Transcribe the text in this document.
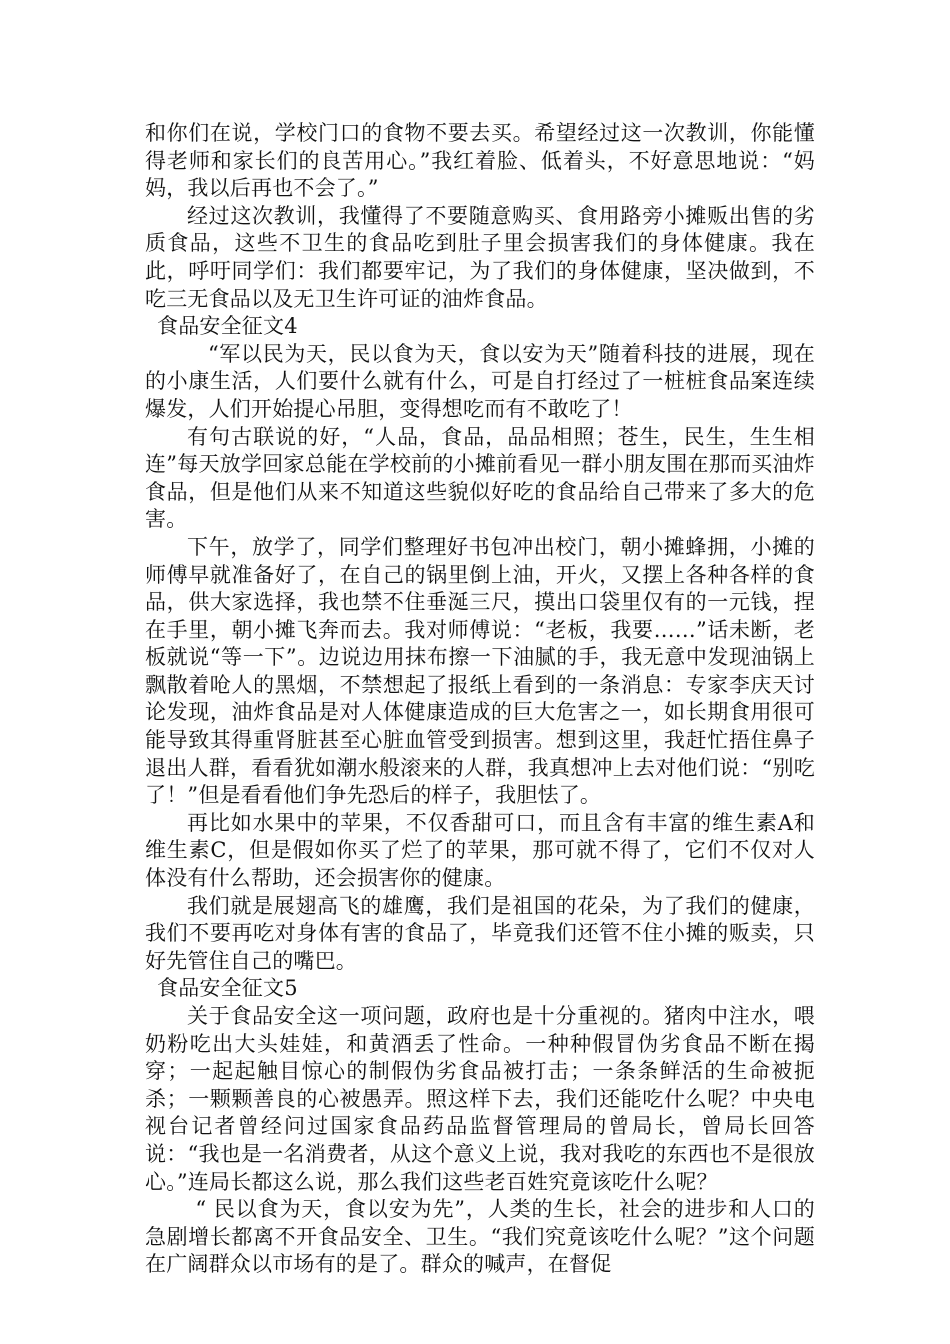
和你们在说，学校门口的食物不要去买。希望经过这一次教训，你能懂得老师和家长们的良苦用心。”我红着脸、低着头，不好意思地说：“妈妈，我以后再也不会了。”

经过这次教训，我懂得了不要随意购买、食用路旁小摊贩出售的劣质食品，这些不卫生的食品吃到肚子里会损害我们的身体健康。我在此，呼吁同学们：我们都要牢记，为了我们的身体健康，坚决做到，不吃三无食品以及无卫生许可证的油炸食品。

食品安全征文4

“军以民为天，民以食为天，食以安为天”随着科技的进展，现在的小康生活，人们要什么就有什么，可是自打经过了一桩桩食品案连续爆发，人们开始提心吊胆，变得想吃而有不敢吃了！

有句古联说的好，“人品，食品，品品相照；苍生，民生，生生相连”每天放学回家总能在学校前的小摊前看见一群小朋友围在那而买油炸食品，但是他们从来不知道这些貌似好吃的食品给自己带来了多大的危害。

下午，放学了，同学们整理好书包冲出校门，朝小摊蜂拥，小摊的师傅早就准备好了，在自己的锅里倒上油，开火，又摆上各种各样的食品，供大家选择，我也禁不住垂涎三尺，摸出口袋里仅有的一元钱，捏在手里，朝小摊飞奔而去。我对师傅说：“老板，我要……”话未断，老板就说“等一下”。边说边用抹布擦一下油腻的手，我无意中发现油锅上飘散着呛人的黑烟，不禁想起了报纸上看到的一条消息：专家李庆天讨论发现，油炸食品是对人体健康造成的巨大危害之一，如长期食用很可能导致其得重肾脏甚至心脏血管受到损害。想到这里，我赶忙捂住鼻子退出人群，看看犹如潮水般滚来的人群，我真想冲上去对他们说：“别吃了！”但是看看他们争先恐后的样子，我胆怯了。

再比如水果中的苹果，不仅香甜可口，而且含有丰富的维生素A和维生素C，但是假如你买了烂了的苹果，那可就不得了，它们不仅对人体没有什么帮助，还会损害你的健康。

我们就是展翅高飞的雄鹰，我们是祖国的花朵，为了我们的健康，我们不要再吃对身体有害的食品了，毕竟我们还管不住小摊的贩卖，只好先管住自己的嘴巴。

食品安全征文5

关于食品安全这一项问题，政府也是十分重视的。猪肉中注水，喂奶粉吃出大头娃娃，和黄酒丢了性命。一种种假冒伪劣食品不断在揭穿；一起起触目惊心的制假伪劣食品被打击；一条条鲜活的生命被扼杀；一颗颗善良的心被愚弄。照这样下去，我们还能吃什么呢？中央电视台记者曾经问过国家食品药品监督管理局的曾局长，曾局长回答说：“我也是一名消费者，从这个意义上说，我对我吃的东西也不是很放心。”连局长都这么说，那么我们这些老百姓究竟该吃什么呢？

“ 民以食为天，食以安为先”，人类的生长，社会的进步和人口的急剧增长都离不开食品安全、卫生。“我们究竟该吃什么呢？”这个问题在广阔群众以市场有的是了。群众的喊声，在督促
